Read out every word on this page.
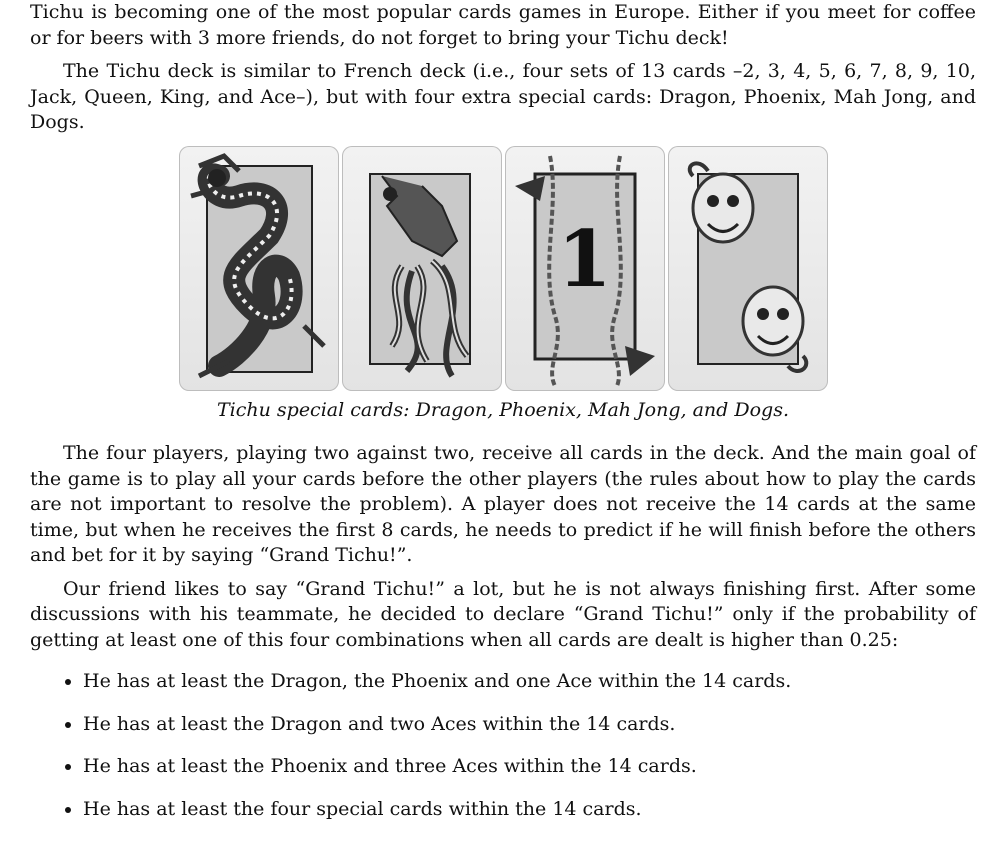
Tichu is becoming one of the most popular cards games in Europe. Either if you meet for coffee or for beers with 3 more friends, do not forget to bring your Tichu deck!

The Tichu deck is similar to French deck (i.e., four sets of 13 cards –2, 3, 4, 5, 6, 7, 8, 9, 10, Jack, Queen, King, and Ace–), but with four extra special cards: Dragon, Phoenix, Mah Jong, and Dogs.

1
Tichu special cards: Dragon, Phoenix, Mah Jong, and Dogs.

The four players, playing two against two, receive all cards in the deck. And the main goal of the game is to play all your cards before the other players (the rules about how to play the cards are not important to resolve the problem). A player does not receive the 14 cards at the same time, but when he receives the first 8 cards, he needs to predict if he will finish before the others and bet for it by saying “Grand Tichu!”.

Our friend likes to say “Grand Tichu!” a lot, but he is not always finishing first. After some discussions with his teammate, he decided to declare “Grand Tichu!” only if the probability of getting at least one of this four combinations when all cards are dealt is higher than 0.25:

• He has at least the Dragon, the Phoenix and one Ace within the 14 cards.
• He has at least the Dragon and two Aces within the 14 cards.
• He has at least the Phoenix and three Aces within the 14 cards.
• He has at least the four special cards within the 14 cards.
